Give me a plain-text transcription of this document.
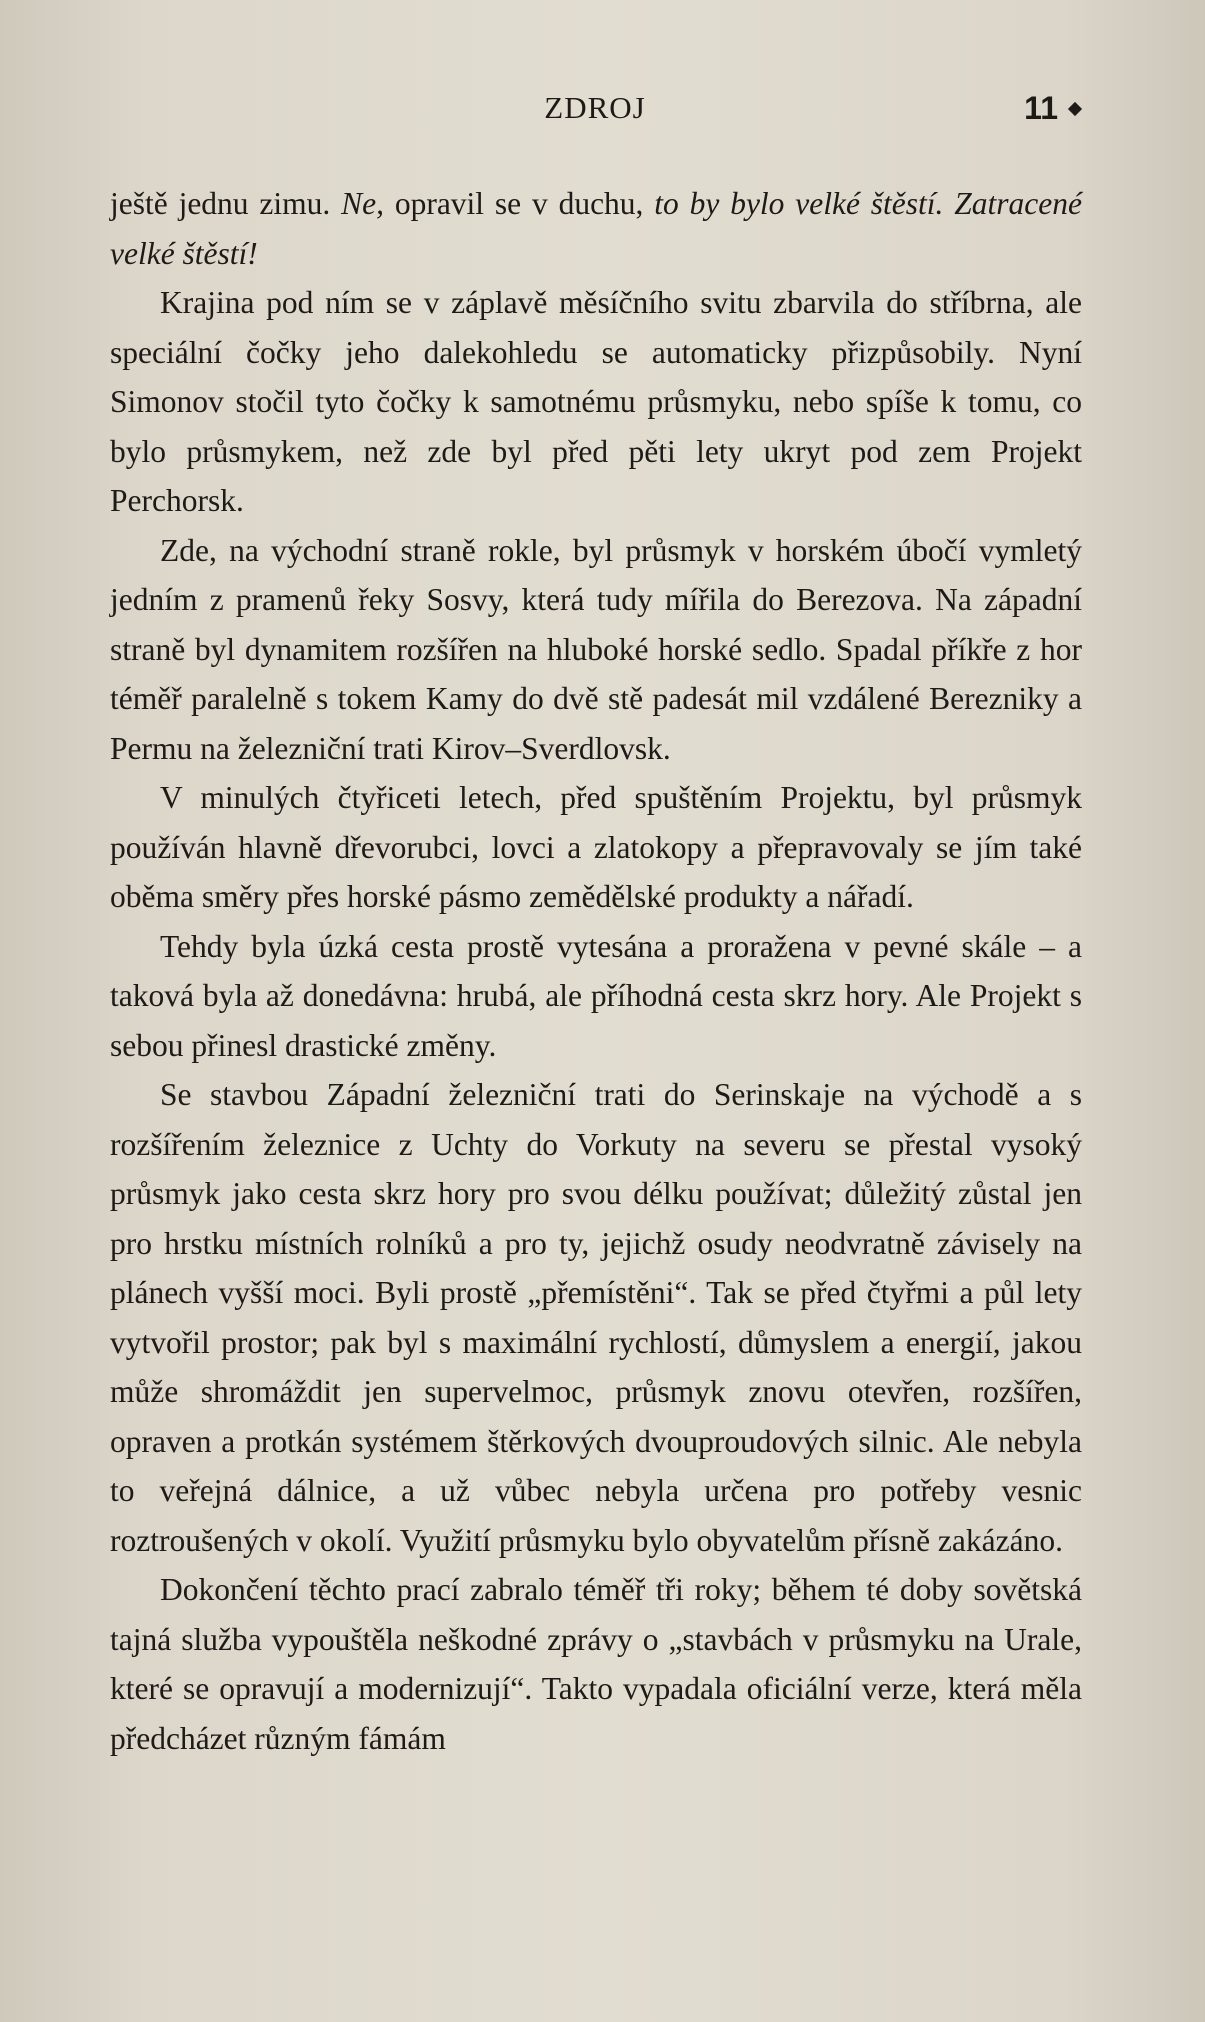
ZDROJ	11

ještě jednu zimu. Ne, opravil se v duchu, to by bylo velké štěstí. Zatracené velké štěstí!

Krajina pod ním se v záplavě měsíčního svitu zbarvila do stříbrna, ale speciální čočky jeho dalekohledu se automaticky přizpůsobily. Nyní Simonov stočil tyto čočky k samotnému průsmyku, nebo spíše k tomu, co bylo průsmykem, než zde byl před pěti lety ukryt pod zem Projekt Perchorsk.

Zde, na východní straně rokle, byl průsmyk v horském úbočí vymletý jedním z pramenů řeky Sosvy, která tudy mířila do Berezova. Na západní straně byl dynamitem rozšířen na hluboké horské sedlo. Spadal příkře z hor téměř paralelně s tokem Kamy do dvě stě padesát mil vzdálené Berezniky a Permu na železniční trati Kirov–Sverdlovsk.

V minulých čtyřiceti letech, před spuštěním Projektu, byl průsmyk používán hlavně dřevorubci, lovci a zlatokopy a přepravovaly se jím také oběma směry přes horské pásmo zemědělské produkty a nářadí.

Tehdy byla úzká cesta prostě vytesána a proražena v pevné skále – a taková byla až donedávna: hrubá, ale příhodná cesta skrz hory. Ale Projekt s sebou přinesl drastické změny.

Se stavbou Západní železniční trati do Serinskaje na východě a s rozšířením železnice z Uchty do Vorkuty na severu se přestal vysoký průsmyk jako cesta skrz hory pro svou délku používat; důležitý zůstal jen pro hrstku místních rolníků a pro ty, jejichž osudy neodvratně závisely na plánech vyšší moci. Byli prostě „přemístěni“. Tak se před čtyřmi a půl lety vytvořil prostor; pak byl s maximální rychlostí, důmyslem a energií, jakou může shromáždit jen supervelmoc, průsmyk znovu otevřen, rozšířen, opraven a protkán systémem štěrkových dvouproudových silnic. Ale nebyla to veřejná dálnice, a už vůbec nebyla určena pro potřeby vesnic roztroušených v okolí. Využití průsmyku bylo obyvatelům přísně zakázáno.

Dokončení těchto prací zabralo téměř tři roky; během té doby sovětská tajná služba vypouštěla neškodné zprávy o „stavbách v průsmyku na Urale, které se opravují a modernizují“. Takto vypadala oficiální verze, která měla předcházet různým fámám
